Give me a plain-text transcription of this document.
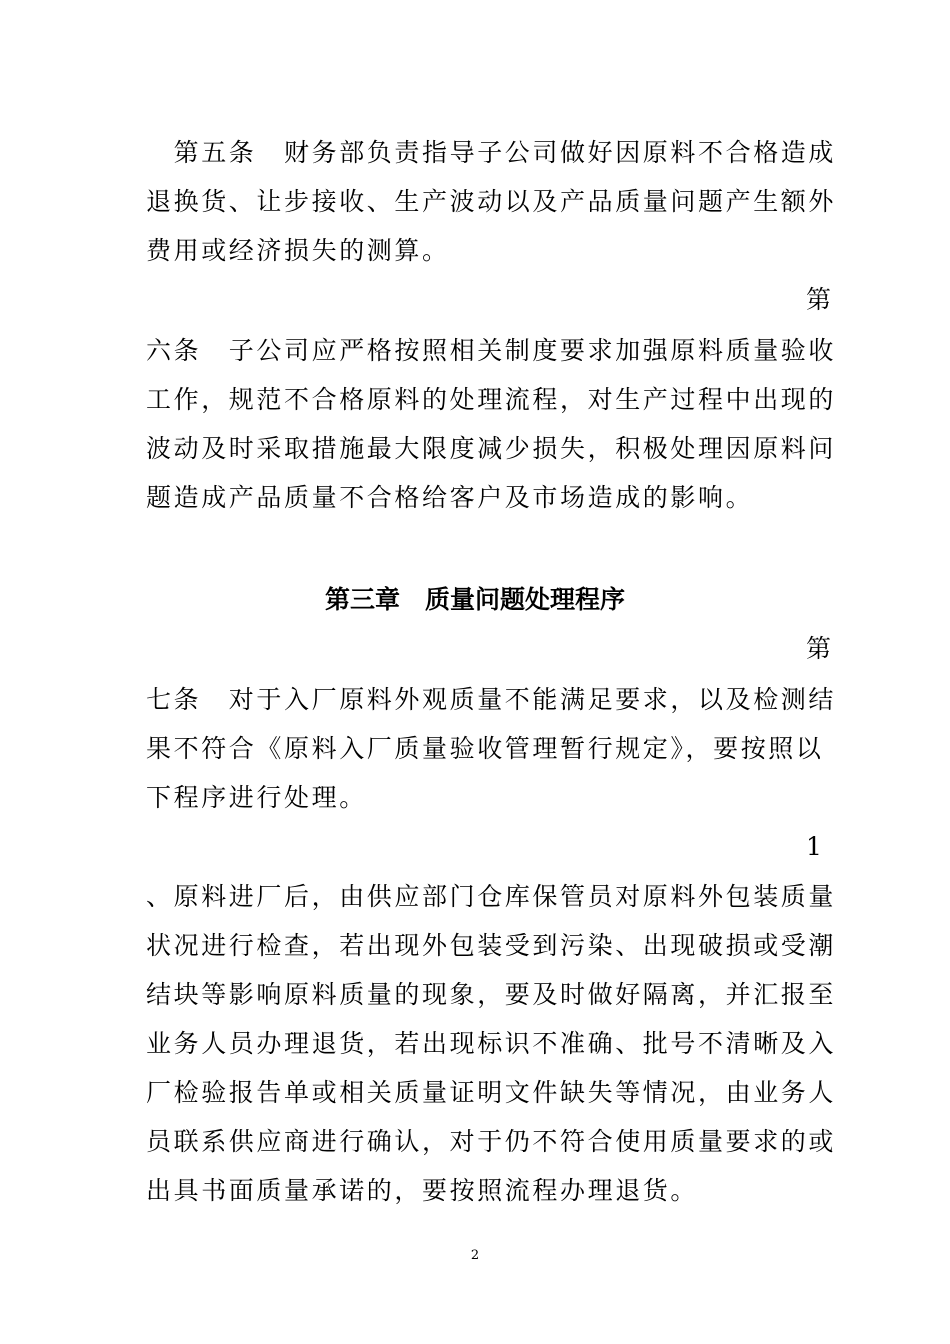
　第五条　财务部负责指导子公司做好因原料不合格造成

退换货、让步接收、生产波动以及产品质量问题产生额外

费用或经济损失的测算。

第

六条　子公司应严格按照相关制度要求加强原料质量验收

工作，规范不合格原料的处理流程，对生产过程中出现的

波动及时采取措施最大限度减少损失，积极处理因原料问

题造成产品质量不合格给客户及市场造成的影响。

第三章　质量问题处理程序

第

七条　对于入厂原料外观质量不能满足要求，以及检测结

果不符合《原料入厂质量验收管理暂行规定》，要按照以

下程序进行处理。

1

、原料进厂后，由供应部门仓库保管员对原料外包装质量

状况进行检查，若出现外包装受到污染、出现破损或受潮

结块等影响原料质量的现象，要及时做好隔离，并汇报至

业务人员办理退货，若出现标识不准确、批号不清晰及入

厂检验报告单或相关质量证明文件缺失等情况，由业务人

员联系供应商进行确认，对于仍不符合使用质量要求的或

出具书面质量承诺的，要按照流程办理退货。

2
